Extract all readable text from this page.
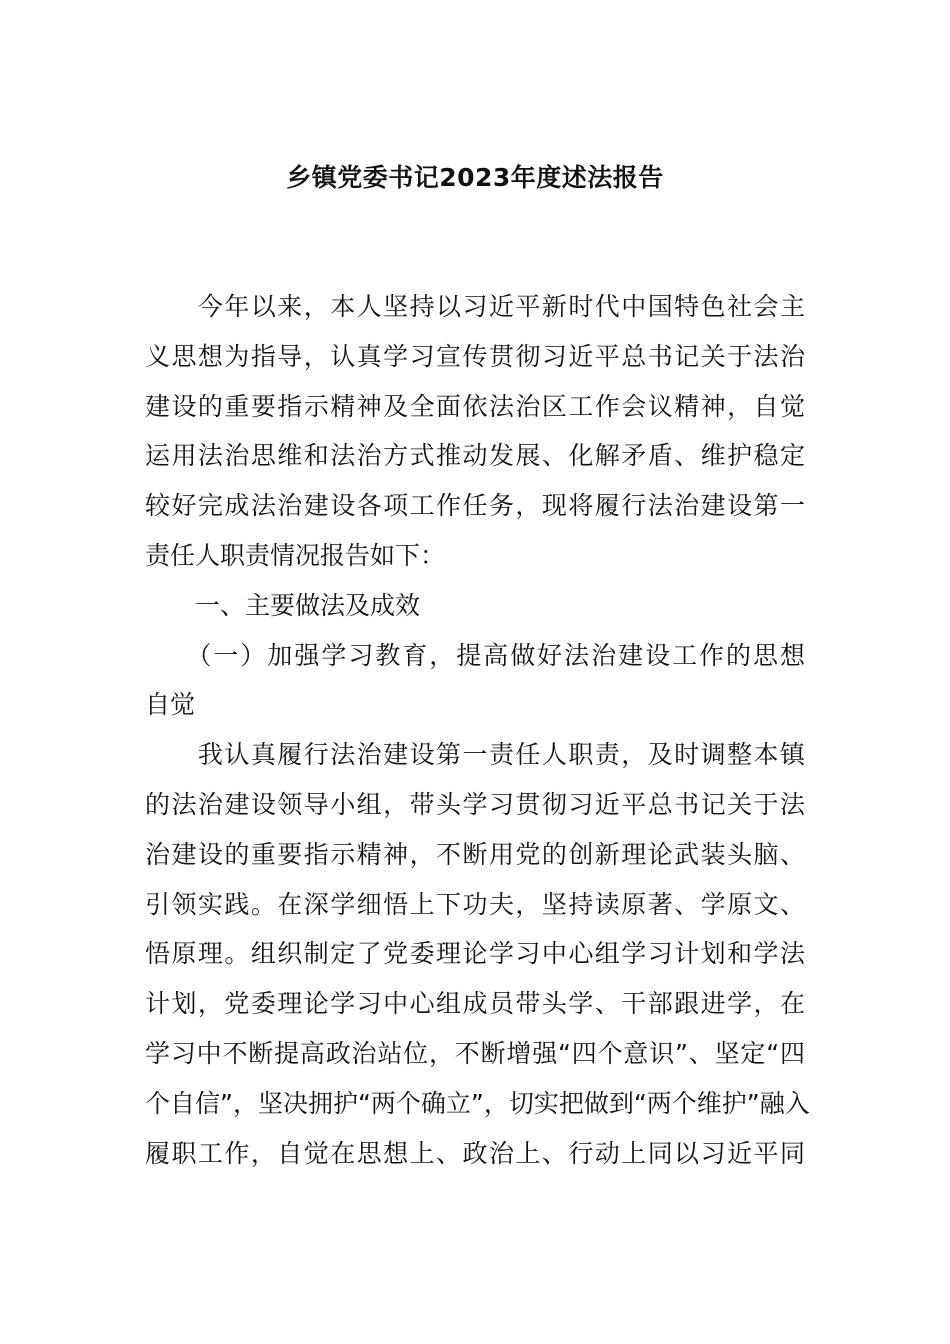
乡镇党委书记2023年度述法报告
　　今年以来，本人坚持以习近平新时代中国特色社会主
义思想为指导，认真学习宣传贯彻习近平总书记关于法治
建设的重要指示精神及全面依法治区工作会议精神，自觉
运用法治思维和法治方式推动发展、化解矛盾、维护稳定
较好完成法治建设各项工作任务，现将履行法治建设第一
责任人职责情况报告如下：
　　一、主要做法及成效
　　（一）加强学习教育，提高做好法治建设工作的思想
自觉
　　我认真履行法治建设第一责任人职责，及时调整本镇
的法治建设领导小组，带头学习贯彻习近平总书记关于法
治建设的重要指示精神，不断用党的创新理论武装头脑、
引领实践。在深学细悟上下功夫，坚持读原著、学原文、
悟原理。组织制定了党委理论学习中心组学习计划和学法
计划，党委理论学习中心组成员带头学、干部跟进学，在
学习中不断提高政治站位，不断增强“四个意识”、坚定“四
个自信”，坚决拥护“两个确立”，切实把做到“两个维护”融入
履职工作，自觉在思想上、政治上、行动上同以习近平同
